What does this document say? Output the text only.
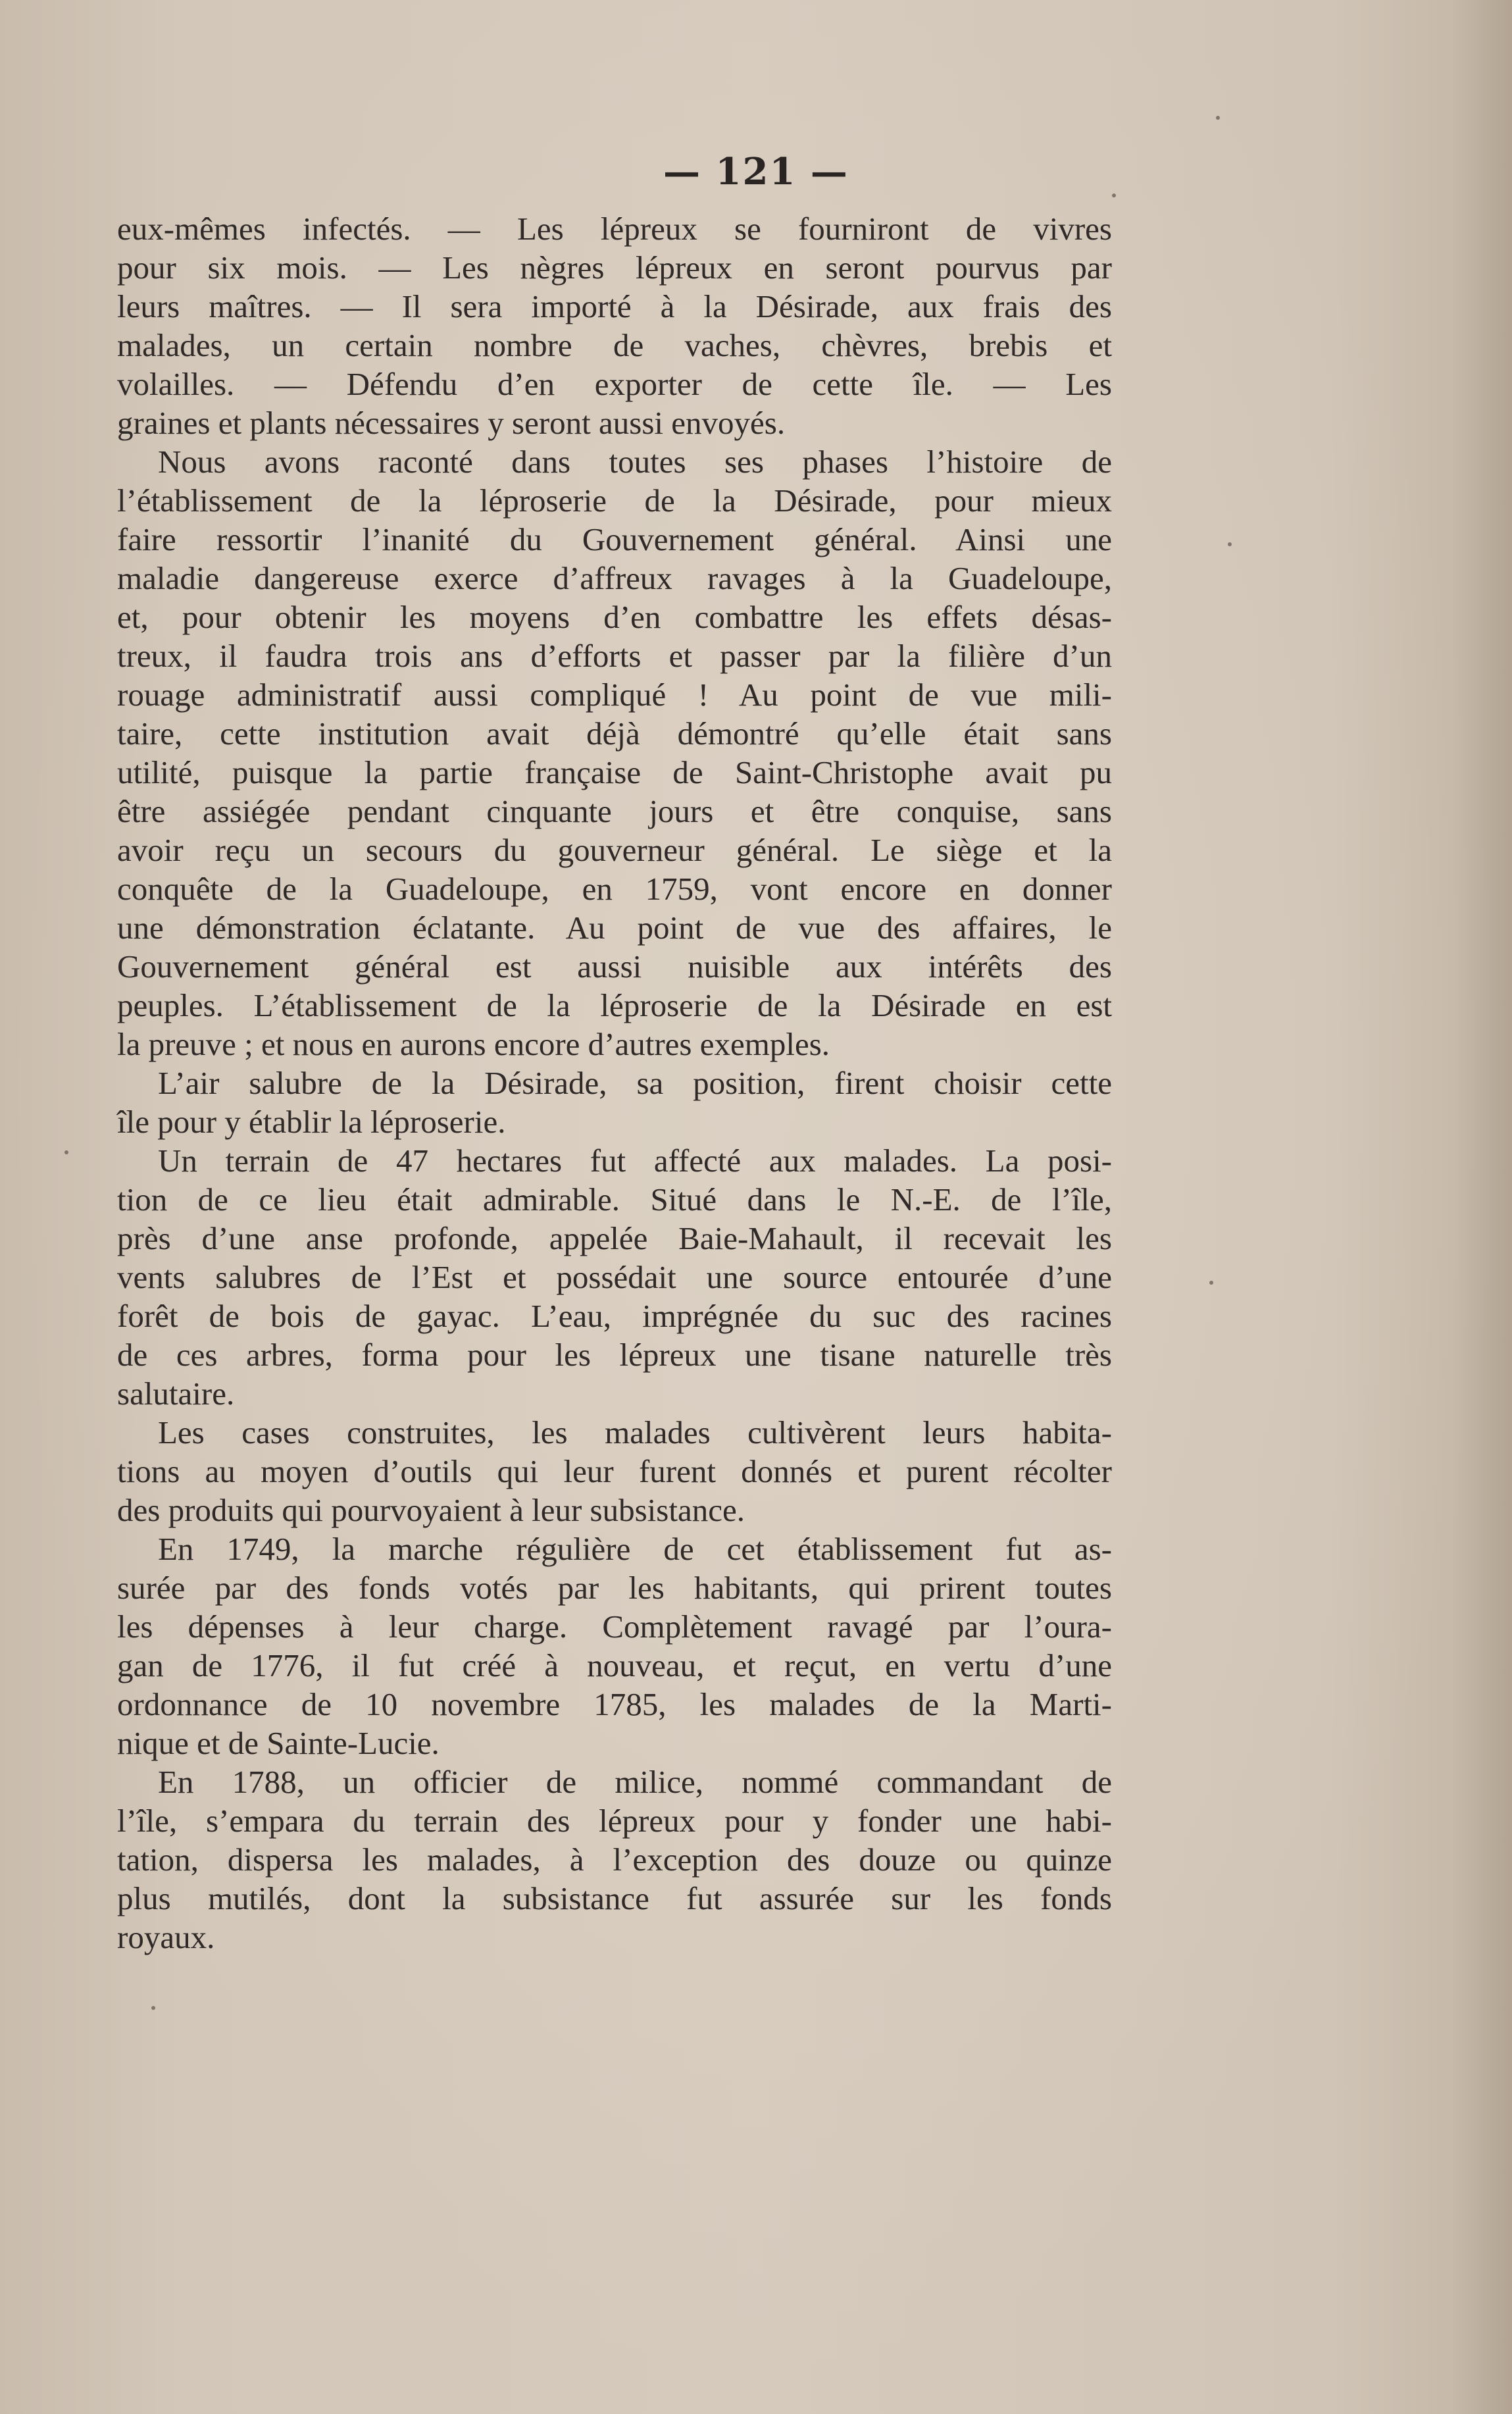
— 121 —
eux-mêmes infectés. — Les lépreux se fourniront de vivres
pour six mois. — Les nègres lépreux en seront pourvus par
leurs maîtres. — Il sera importé à la Désirade, aux frais des
malades, un certain nombre de vaches, chèvres, brebis et
volailles. — Défendu d’en exporter de cette île. — Les
graines et plants nécessaires y seront aussi envoyés.
Nous avons raconté dans toutes ses phases l’histoire de
l’établissement de la léproserie de la Désirade, pour mieux
faire ressortir l’inanité du Gouvernement général. Ainsi une
maladie dangereuse exerce d’affreux ravages à la Guadeloupe,
et, pour obtenir les moyens d’en combattre les effets désas-
treux, il faudra trois ans d’efforts et passer par la filière d’un
rouage administratif aussi compliqué ! Au point de vue mili-
taire, cette institution avait déjà démontré qu’elle était sans
utilité, puisque la partie française de Saint-Christophe avait pu
être assiégée pendant cinquante jours et être conquise, sans
avoir reçu un secours du gouverneur général. Le siège et la
conquête de la Guadeloupe, en 1759, vont encore en donner
une démonstration éclatante. Au point de vue des affaires, le
Gouvernement général est aussi nuisible aux intérêts des
peuples. L’établissement de la léproserie de la Désirade en est
la preuve ; et nous en aurons encore d’autres exemples.
L’air salubre de la Désirade, sa position, firent choisir cette
île pour y établir la léproserie.
Un terrain de 47 hectares fut affecté aux malades. La posi-
tion de ce lieu était admirable. Situé dans le N.-E. de l’île,
près d’une anse profonde, appelée Baie-Mahault, il recevait les
vents salubres de l’Est et possédait une source entourée d’une
forêt de bois de gayac. L’eau, imprégnée du suc des racines
de ces arbres, forma pour les lépreux une tisane naturelle très
salutaire.
Les cases construites, les malades cultivèrent leurs habita-
tions au moyen d’outils qui leur furent donnés et purent récolter
des produits qui pourvoyaient à leur subsistance.
En 1749, la marche régulière de cet établissement fut as-
surée par des fonds votés par les habitants, qui prirent toutes
les dépenses à leur charge. Complètement ravagé par l’oura-
gan de 1776, il fut créé à nouveau, et reçut, en vertu d’une
ordonnance de 10 novembre 1785, les malades de la Marti-
nique et de Sainte-Lucie.
En 1788, un officier de milice, nommé commandant de
l’île, s’empara du terrain des lépreux pour y fonder une habi-
tation, dispersa les malades, à l’exception des douze ou quinze
plus mutilés, dont la subsistance fut assurée sur les fonds
royaux.
